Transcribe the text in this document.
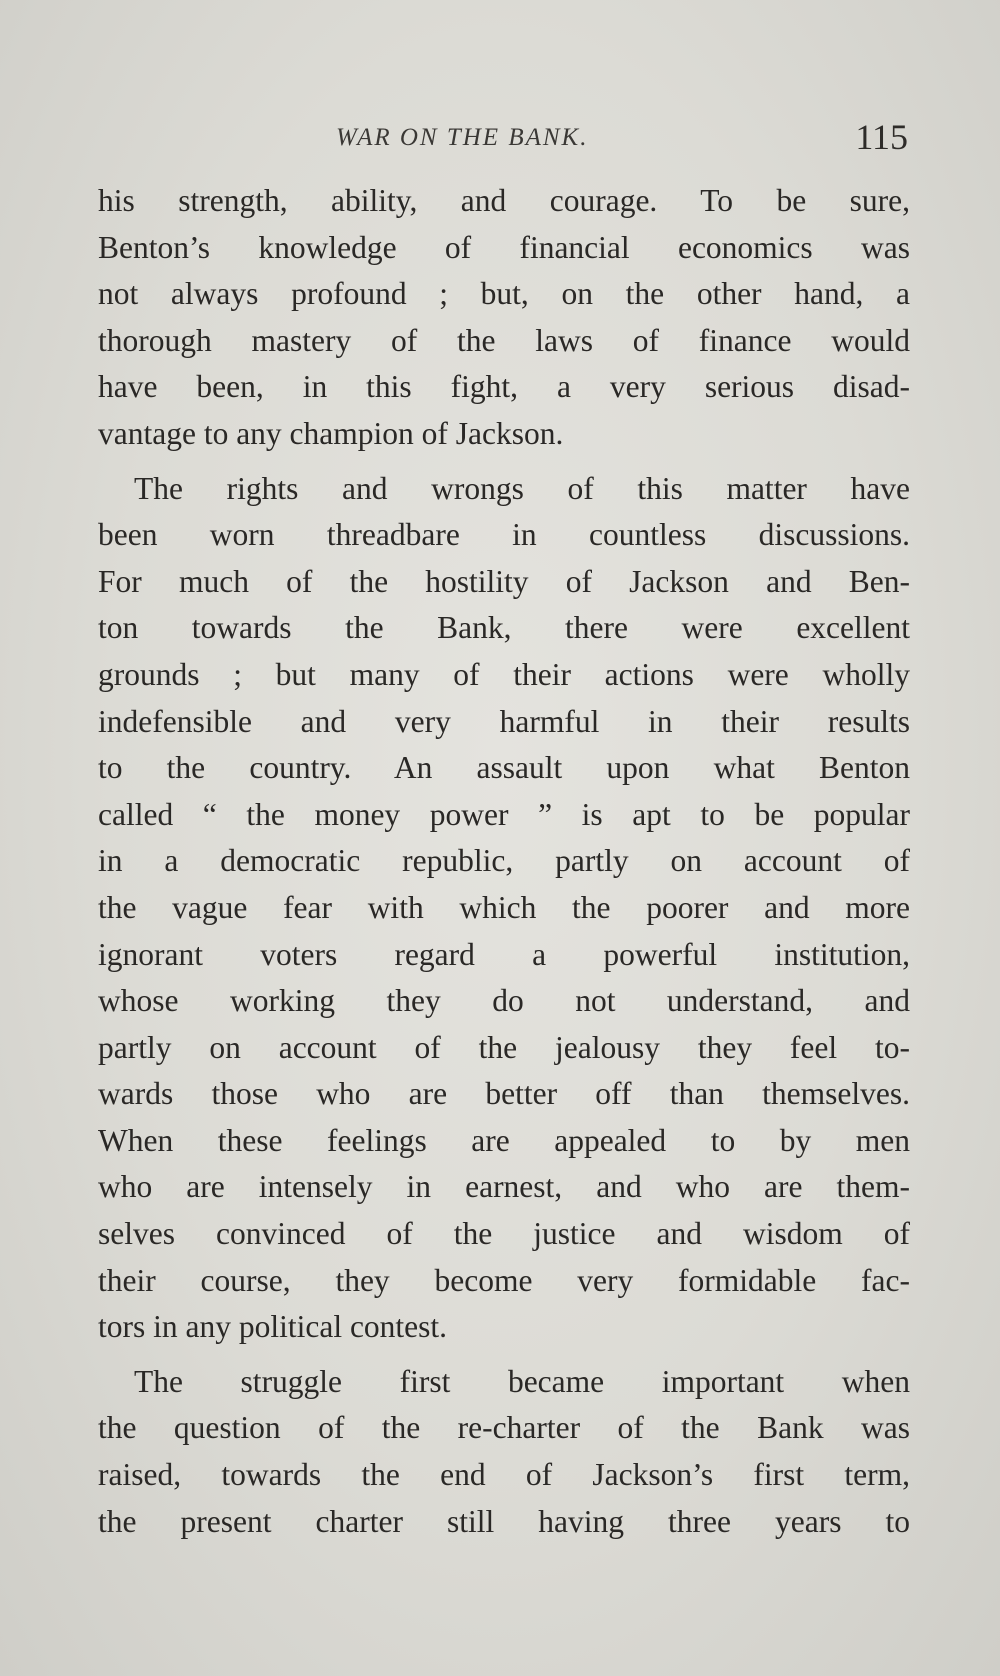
WAR ON THE BANK.	115
his strength, ability, and courage. To be sure,
Benton’s knowledge of financial economics was
not always profound ; but, on the other hand, a
thorough mastery of the laws of finance would
have been, in this fight, a very serious disad-
vantage to any champion of Jackson.
The rights and wrongs of this matter have
been worn threadbare in countless discussions.
For much of the hostility of Jackson and Ben-
ton towards the Bank, there were excellent
grounds ; but many of their actions were wholly
indefensible and very harmful in their results
to the country. An assault upon what Benton
called “ the money power ” is apt to be popular
in a democratic republic, partly on account of
the vague fear with which the poorer and more
ignorant voters regard a powerful institution,
whose working they do not understand, and
partly on account of the jealousy they feel to-
wards those who are better off than themselves.
When these feelings are appealed to by men
who are intensely in earnest, and who are them-
selves convinced of the justice and wisdom of
their course, they become very formidable fac-
tors in any political contest.
The struggle first became important when
the question of the re-charter of the Bank was
raised, towards the end of Jackson’s first term,
the present charter still having three years to
